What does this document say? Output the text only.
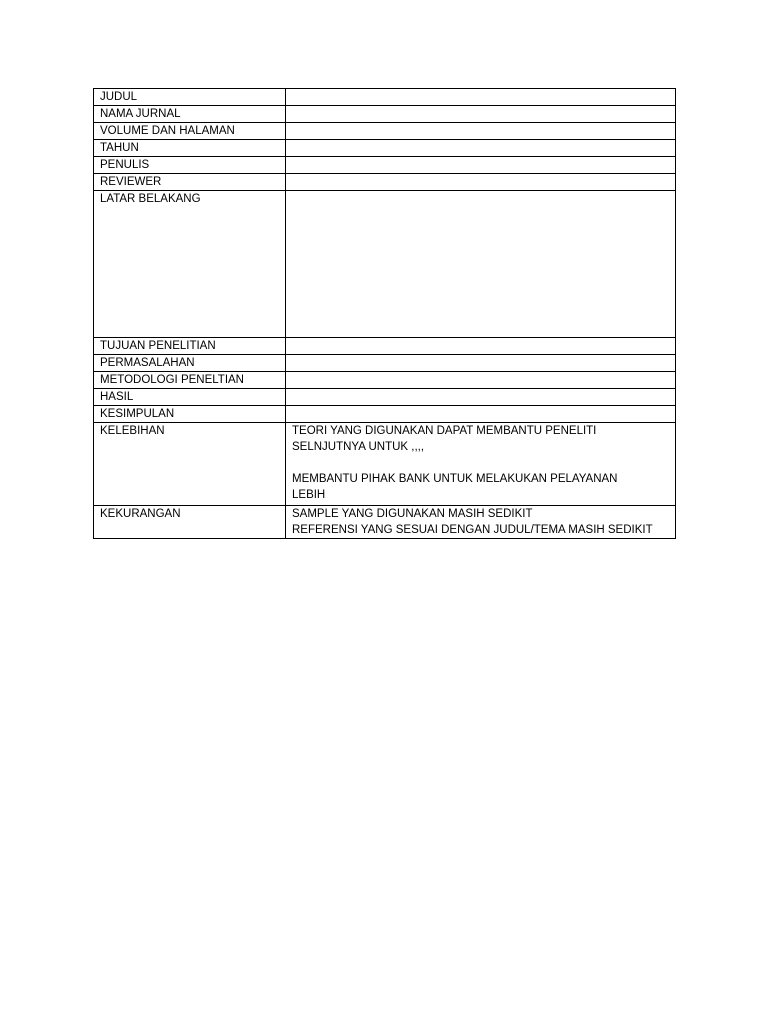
JUDUL	
NAMA JURNAL	
VOLUME DAN HALAMAN	
TAHUN	
PENULIS	
REVIEWER	
LATAR BELAKANG	
TUJUAN PENELITIAN	
PERMASALAHAN	
METODOLOGI PENELTIAN	
HASIL	
KESIMPULAN	
KELEBIHAN	TEORI YANG DIGUNAKAN DAPAT MEMBANTU PENELITI
SELNJUTNYA UNTUK ,,,,
MEMBANTU PIHAK BANK UNTUK MELAKUKAN PELAYANAN
LEBIH

KEKURANGAN	SAMPLE YANG DIGUNAKAN MASIH SEDIKIT
REFERENSI YANG SESUAI DENGAN JUDUL/TEMA MASIH SEDIKIT
